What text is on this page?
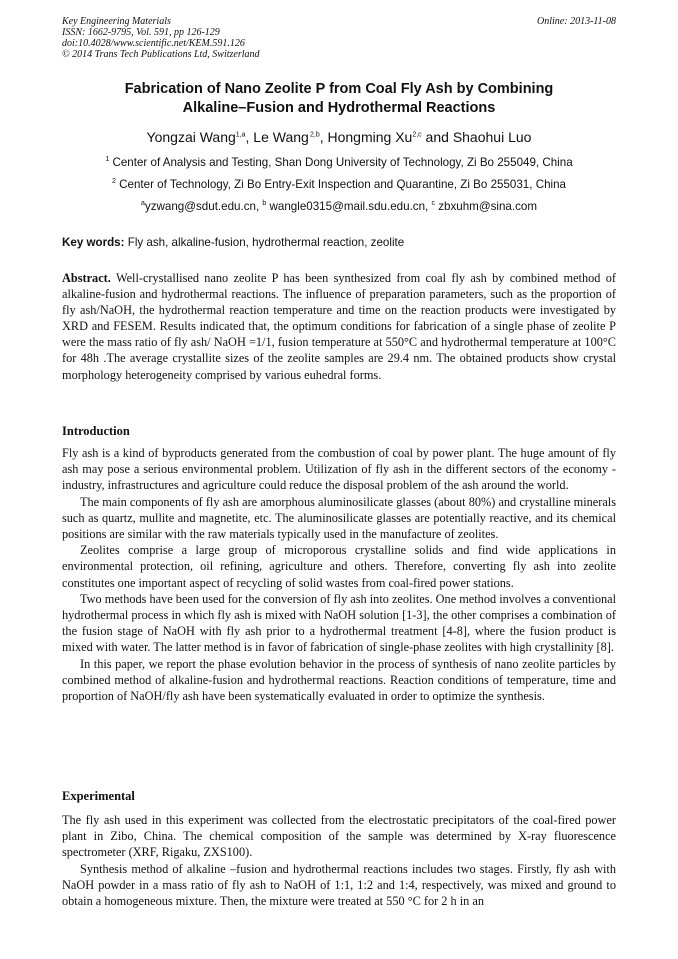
Key Engineering Materials
ISSN: 1662-9795, Vol. 591, pp 126-129
doi:10.4028/www.scientific.net/KEM.591.126
© 2014 Trans Tech Publications Ltd, Switzerland
Online: 2013-11-08
Fabrication of Nano Zeolite P from Coal Fly Ash by Combining
Alkaline–Fusion and Hydrothermal Reactions
Yongzai Wang$^{1,a}$, Le Wang $^{2,b}$, Hongming Xu$^{2,c}$ and Shaohui Luo
$^1$ Center of Analysis and Testing, Shan Dong University of Technology, Zi Bo 255049, China
$^2$ Center of Technology, Zi Bo Entry-Exit Inspection and Quarantine, Zi Bo 255031, China
$^a$yzwang@sdut.edu.cn, $^b$ wangle0315@mail.sdu.edu.cn, $^c$ zbxuhm@sina.com
Key words: Fly ash, alkaline-fusion, hydrothermal reaction, zeolite

Abstract. Well-crystallised nano zeolite P has been synthesized from coal fly ash by combined method of alkaline-fusion and hydrothermal reactions. The influence of preparation parameters, such as the proportion of fly ash/NaOH, the hydrothermal reaction temperature and time on the reaction products were investigated by XRD and FESEM. Results indicated that, the optimum conditions for fabrication of a single phase of zeolite P were the mass ratio of fly ash/ NaOH =1/1, fusion temperature at 550°C and hydrothermal temperature at 100°C for 48h .The average crystallite sizes of the zeolite samples are 29.4 nm. The obtained products show crystal morphology heterogeneity comprised by various euhedral forms.

Introduction

Fly ash is a kind of byproducts generated from the combustion of coal by power plant. The huge amount of fly ash may pose a serious environmental problem. Utilization of fly ash in the different sectors of the economy - industry, infrastructures and agriculture could reduce the disposal problem of the ash around the world.

The main components of fly ash are amorphous aluminosilicate glasses (about 80%) and crystalline minerals such as quartz, mullite and magnetite, etc. The aluminosilicate glasses are potentially reactive, and its chemical positions are similar with the raw materials typically used in the manufacture of zeolites.

Zeolites comprise a large group of microporous crystalline solids and find wide applications in environmental protection, oil refining, agriculture and others. Therefore, converting fly ash into zeolite constitutes one important aspect of recycling of solid wastes from coal-fired power stations.

Two methods have been used for the conversion of fly ash into zeolites. One method involves a conventional hydrothermal process in which fly ash is mixed with NaOH solution [1-3], the other comprises a combination of the fusion stage of NaOH with fly ash prior to a hydrothermal treatment [4-8], where the fusion product is mixed with water. The latter method is in favor of fabrication of single-phase zeolites with high crystallinity [8].

In this paper, we report the phase evolution behavior in the process of synthesis of nano zeolite particles by combined method of alkaline-fusion and hydrothermal reactions. Reaction conditions of temperature, time and proportion of NaOH/fly ash have been systematically evaluated in order to optimize the synthesis.

Experimental

The fly ash used in this experiment was collected from the electrostatic precipitators of the coal-fired power plant in Zibo, China. The chemical composition of the sample was determined by X-ray fluorescence spectrometer (XRF, Rigaku, ZXS100).

Synthesis method of alkaline –fusion and hydrothermal reactions includes two stages. Firstly, fly ash with NaOH powder in a mass ratio of fly ash to NaOH of 1:1, 1:2 and 1:4, respectively, was mixed and ground to obtain a homogeneous mixture. Then, the mixture were treated at 550 °C for 2 h in an
